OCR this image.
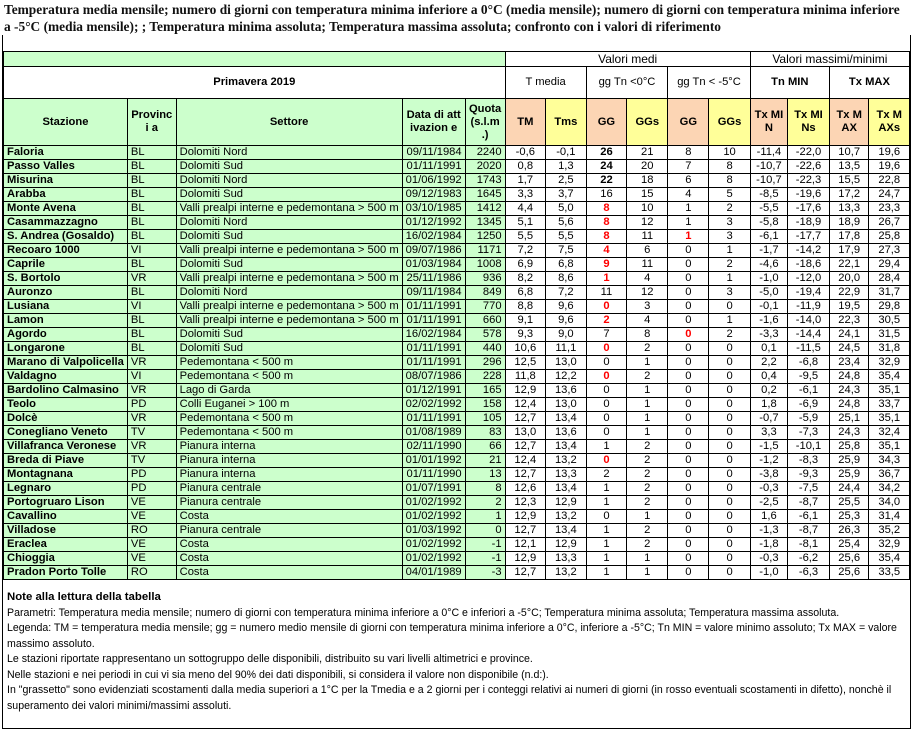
Temperatura media mensile; numero di giorni con temperatura minima inferiore a 0°C (media mensile); numero di giorni con temperatura minima inferiore a -5°C (media mensile); ; Temperatura minima assoluta; Temperatura massima assoluta; confronto con i valori di riferimento

					Valori medi						Valori massimi/minimi			
Primavera 2019					T media		gg Tn <0°C		gg Tn < -5°C		Tn MIN		Tx MAX	
Stazione	Provinci a	Settore	Data di attivazion e	Quota (s.l.m .)	TM	Tms	GG	GGs	GG	GGs	Tx MIN	Tx MINs	Tx MAX	Tx MAXs
Faloria	BL	Dolomiti Nord	09/11/1984	2240	-0,6	-0,1	26	21	8	10	-11,4	-22,0	10,7	19,6
Passo Valles	BL	Dolomiti Sud	01/11/1991	2020	0,8	1,3	24	20	7	8	-10,7	-22,6	13,5	19,6
Misurina	BL	Dolomiti Nord	01/06/1992	1743	1,7	2,5	22	18	6	8	-10,7	-22,3	15,5	22,8
Arabba	BL	Dolomiti Sud	09/12/1983	1645	3,3	3,7	16	15	4	5	-8,5	-19,6	17,2	24,7
Monte Avena	BL	Valli prealpi interne e pedemontana > 500 m	03/10/1985	1412	4,4	5,0	8	10	1	2	-5,5	-17,6	13,3	23,3
Casammazzagno	BL	Dolomiti Nord	01/12/1992	1345	5,1	5,6	8	12	1	3	-5,8	-18,9	18,9	26,7
S. Andrea (Gosaldo)	BL	Dolomiti Sud	16/02/1984	1250	5,5	5,5	8	11	1	3	-6,1	-17,7	17,8	25,8
Recoaro 1000	VI	Valli prealpi interne e pedemontana > 500 m	09/07/1986	1171	7,2	7,5	4	6	0	1	-1,7	-14,2	17,9	27,3
Caprile	BL	Dolomiti Sud	01/03/1984	1008	6,9	6,8	9	11	0	2	-4,6	-18,6	22,1	29,4
S. Bortolo	VR	Valli prealpi interne e pedemontana > 500 m	25/11/1986	936	8,2	8,6	1	4	0	1	-1,0	-12,0	20,0	28,4
Auronzo	BL	Dolomiti Nord	09/11/1984	849	6,8	7,2	11	12	0	3	-5,0	-19,4	22,9	31,7
Lusiana	VI	Valli prealpi interne e pedemontana > 500 m	01/11/1991	770	8,8	9,6	0	3	0	0	-0,1	-11,9	19,5	29,8
Lamon	BL	Valli prealpi interne e pedemontana > 500 m	01/11/1991	660	9,1	9,6	2	4	0	1	-1,6	-14,0	22,3	30,5
Agordo	BL	Dolomiti Sud	16/02/1984	578	9,3	9,0	7	8	0	2	-3,3	-14,4	24,1	31,5
Longarone	BL	Dolomiti Sud	01/11/1991	440	10,6	11,1	0	2	0	0	0,1	-11,5	24,5	31,8
Marano di Valpolicella	VR	Pedemontana < 500 m	01/11/1991	296	12,5	13,0	0	1	0	0	2,2	-6,8	23,4	32,9
Valdagno	VI	Pedemontana < 500 m	08/07/1986	228	11,8	12,2	0	2	0	0	0,4	-9,5	24,8	35,4
Bardolino Calmasino	VR	Lago di Garda	01/12/1991	165	12,9	13,6	0	1	0	0	0,2	-6,1	24,3	35,1
Teolo	PD	Colli Euganei > 100 m	02/02/1992	158	12,4	13,0	0	1	0	0	1,8	-6,9	24,8	33,7
Dolcè	VR	Pedemontana < 500 m	01/11/1991	105	12,7	13,4	0	1	0	0	-0,7	-5,9	25,1	35,1
Conegliano Veneto	TV	Pedemontana < 500 m	01/08/1989	83	13,0	13,6	0	1	0	0	3,3	-7,3	24,3	32,4
Villafranca Veronese	VR	Pianura interna	02/11/1990	66	12,7	13,4	1	2	0	0	-1,5	-10,1	25,8	35,1
Breda di Piave	TV	Pianura interna	01/01/1992	21	12,4	13,2	0	2	0	0	-1,2	-8,3	25,9	34,3
Montagnana	PD	Pianura interna	01/11/1990	13	12,7	13,3	2	2	0	0	-3,8	-9,3	25,9	36,7
Legnaro	PD	Pianura centrale	01/07/1991	8	12,6	13,4	1	2	0	0	-0,3	-7,5	24,4	34,2
Portogruaro Lison	VE	Pianura centrale	01/02/1992	2	12,3	12,9	1	2	0	0	-2,5	-8,7	25,5	34,0
Cavallino	VE	Costa	01/02/1992	1	12,9	13,2	0	1	0	0	1,6	-6,1	25,3	31,4
Villadose	RO	Pianura centrale	01/03/1992	0	12,7	13,4	1	2	0	0	-1,3	-8,7	26,3	35,2
Eraclea	VE	Costa	01/02/1992	-1	12,1	12,9	1	2	0	0	-1,8	-8,1	25,4	32,9
Chioggia	VE	Costa	01/02/1992	-1	12,9	13,3	1	1	0	0	-0,3	-6,2	25,6	35,4
Pradon Porto Tolle	RO	Costa	04/01/1989	-3	12,7	13,2	1	1	0	0	-1,0	-6,3	25,6	33,5
Note alla lettura della tabella
Parametri: Temperatura media mensile; numero di giorni con temperatura minima inferiore a 0°C e inferiori a -5°C; Temperatura minima assoluta; Temperatura massima assoluta.
Legenda: TM = temperatura media mensile; gg = numero medio mensile di giorni con temperatura minima inferiore a 0°C, inferiore a -5°C; Tn MIN = valore minimo assoluto; Tx MAX = valore massimo assoluto.
Le stazioni riportate rappresentano un sottogruppo delle disponibili, distribuito su vari livelli altimetrici e province.
Nelle stazioni e nei periodi in cui vi sia meno del 90% dei dati disponibili, si considera il valore non disponibile (n.d:).
In "grassetto" sono evidenziati scostamenti dalla media superiori a 1°C per la Tmedia e a 2 giorni per i conteggi relativi ai numeri di giorni (in rosso eventuali scostamenti in difetto), nonchè il superamento dei valori minimi/massimi assoluti.
